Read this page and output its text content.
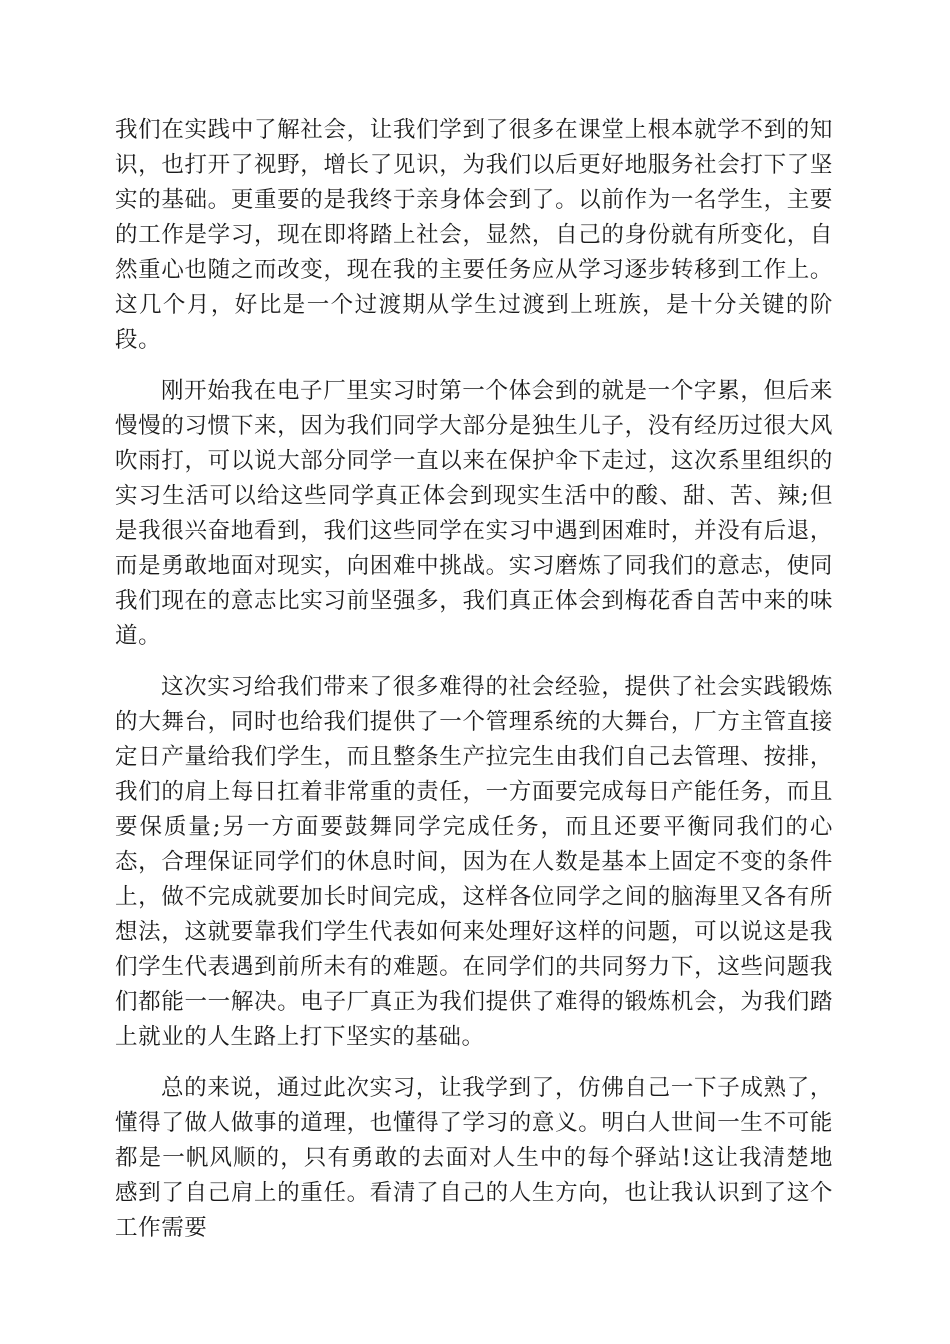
我们在实践中了解社会，让我们学到了很多在课堂上根本就学不到的知识，也打开了视野，增长了见识，为我们以后更好地服务社会打下了坚实的基础。更重要的是我终于亲身体会到了。以前作为一名学生，主要的工作是学习，现在即将踏上社会，显然，自己的身份就有所变化，自然重心也随之而改变，现在我的主要任务应从学习逐步转移到工作上。这几个月，好比是一个过渡期从学生过渡到上班族，是十分关键的阶段。

刚开始我在电子厂里实习时第一个体会到的就是一个字累，但后来慢慢的习惯下来，因为我们同学大部分是独生儿子，没有经历过很大风吹雨打，可以说大部分同学一直以来在保护伞下走过，这次系里组织的实习生活可以给这些同学真正体会到现实生活中的酸、甜、苦、辣;但是我很兴奋地看到，我们这些同学在实习中遇到困难时，并没有后退，而是勇敢地面对现实，向困难中挑战。实习磨炼了同我们的意志，使同我们现在的意志比实习前坚强多，我们真正体会到梅花香自苦中来的味道。

这次实习给我们带来了很多难得的社会经验，提供了社会实践锻炼的大舞台，同时也给我们提供了一个管理系统的大舞台，厂方主管直接定日产量给我们学生，而且整条生产拉完生由我们自己去管理、按排，我们的肩上每日扛着非常重的责任，一方面要完成每日产能任务，而且要保质量;另一方面要鼓舞同学完成任务，而且还要平衡同我们的心态，合理保证同学们的休息时间，因为在人数是基本上固定不变的条件上，做不完成就要加长时间完成，这样各位同学之间的脑海里又各有所想法，这就要靠我们学生代表如何来处理好这样的问题，可以说这是我们学生代表遇到前所未有的难题。在同学们的共同努力下，这些问题我们都能一一解决。电子厂真正为我们提供了难得的锻炼机会，为我们踏上就业的人生路上打下坚实的基础。

总的来说，通过此次实习，让我学到了，仿佛自己一下子成熟了，懂得了做人做事的道理，也懂得了学习的意义。明白人世间一生不可能都是一帆风顺的，只有勇敢的去面对人生中的每个驿站!这让我清楚地感到了自己肩上的重任。看清了自己的人生方向，也让我认识到了这个工作需要
